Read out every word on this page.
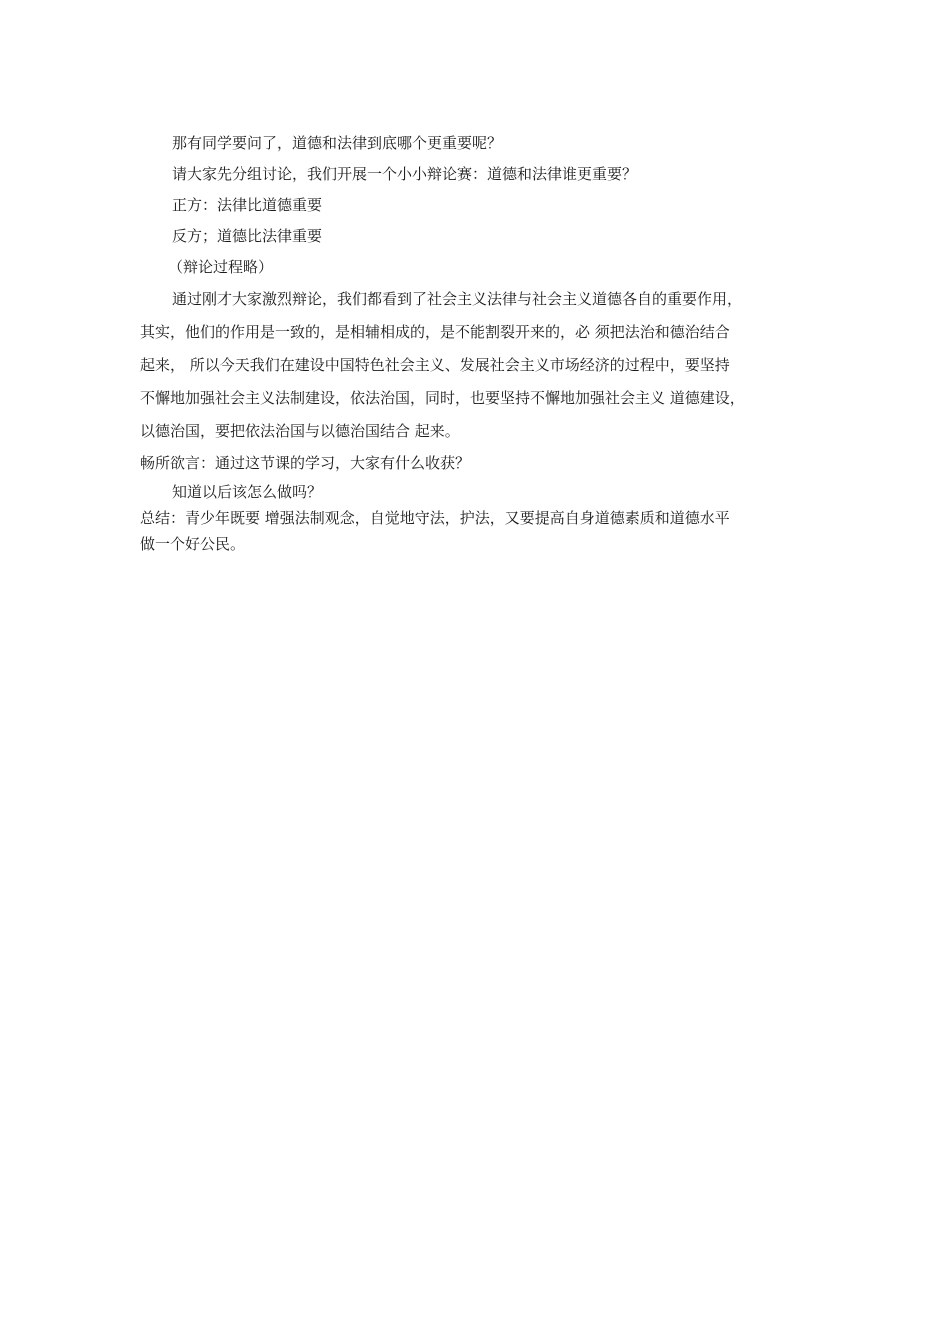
那有同学要问了，道德和法律到底哪个更重要呢？
请大家先分组讨论，我们开展一个小小辩论赛：道德和法律谁更重要？
正方：法律比道德重要
反方；道德比法律重要
（辩论过程略）
通过刚才大家激烈辩论，我们都看到了社会主义法律与社会主义道德各自的重要作用，
其实，他们的作用是一致的，是相辅相成的，是不能割裂开来的，必 须把法治和德治结合
起来， 所以今天我们在建设中国特色社会主义、发展社会主义市场经济的过程中，要坚持
不懈地加强社会主义法制建设，依法治国，同时，也要坚持不懈地加强社会主义 道德建设，
以德治国，要把依法治国与以德治国结合 起来。
畅所欲言：通过这节课的学习，大家有什么收获？
知道以后该怎么做吗？
总结：青少年既要 增强法制观念，自觉地守法，护法，又要提高自身道德素质和道德水平
做一个好公民。
